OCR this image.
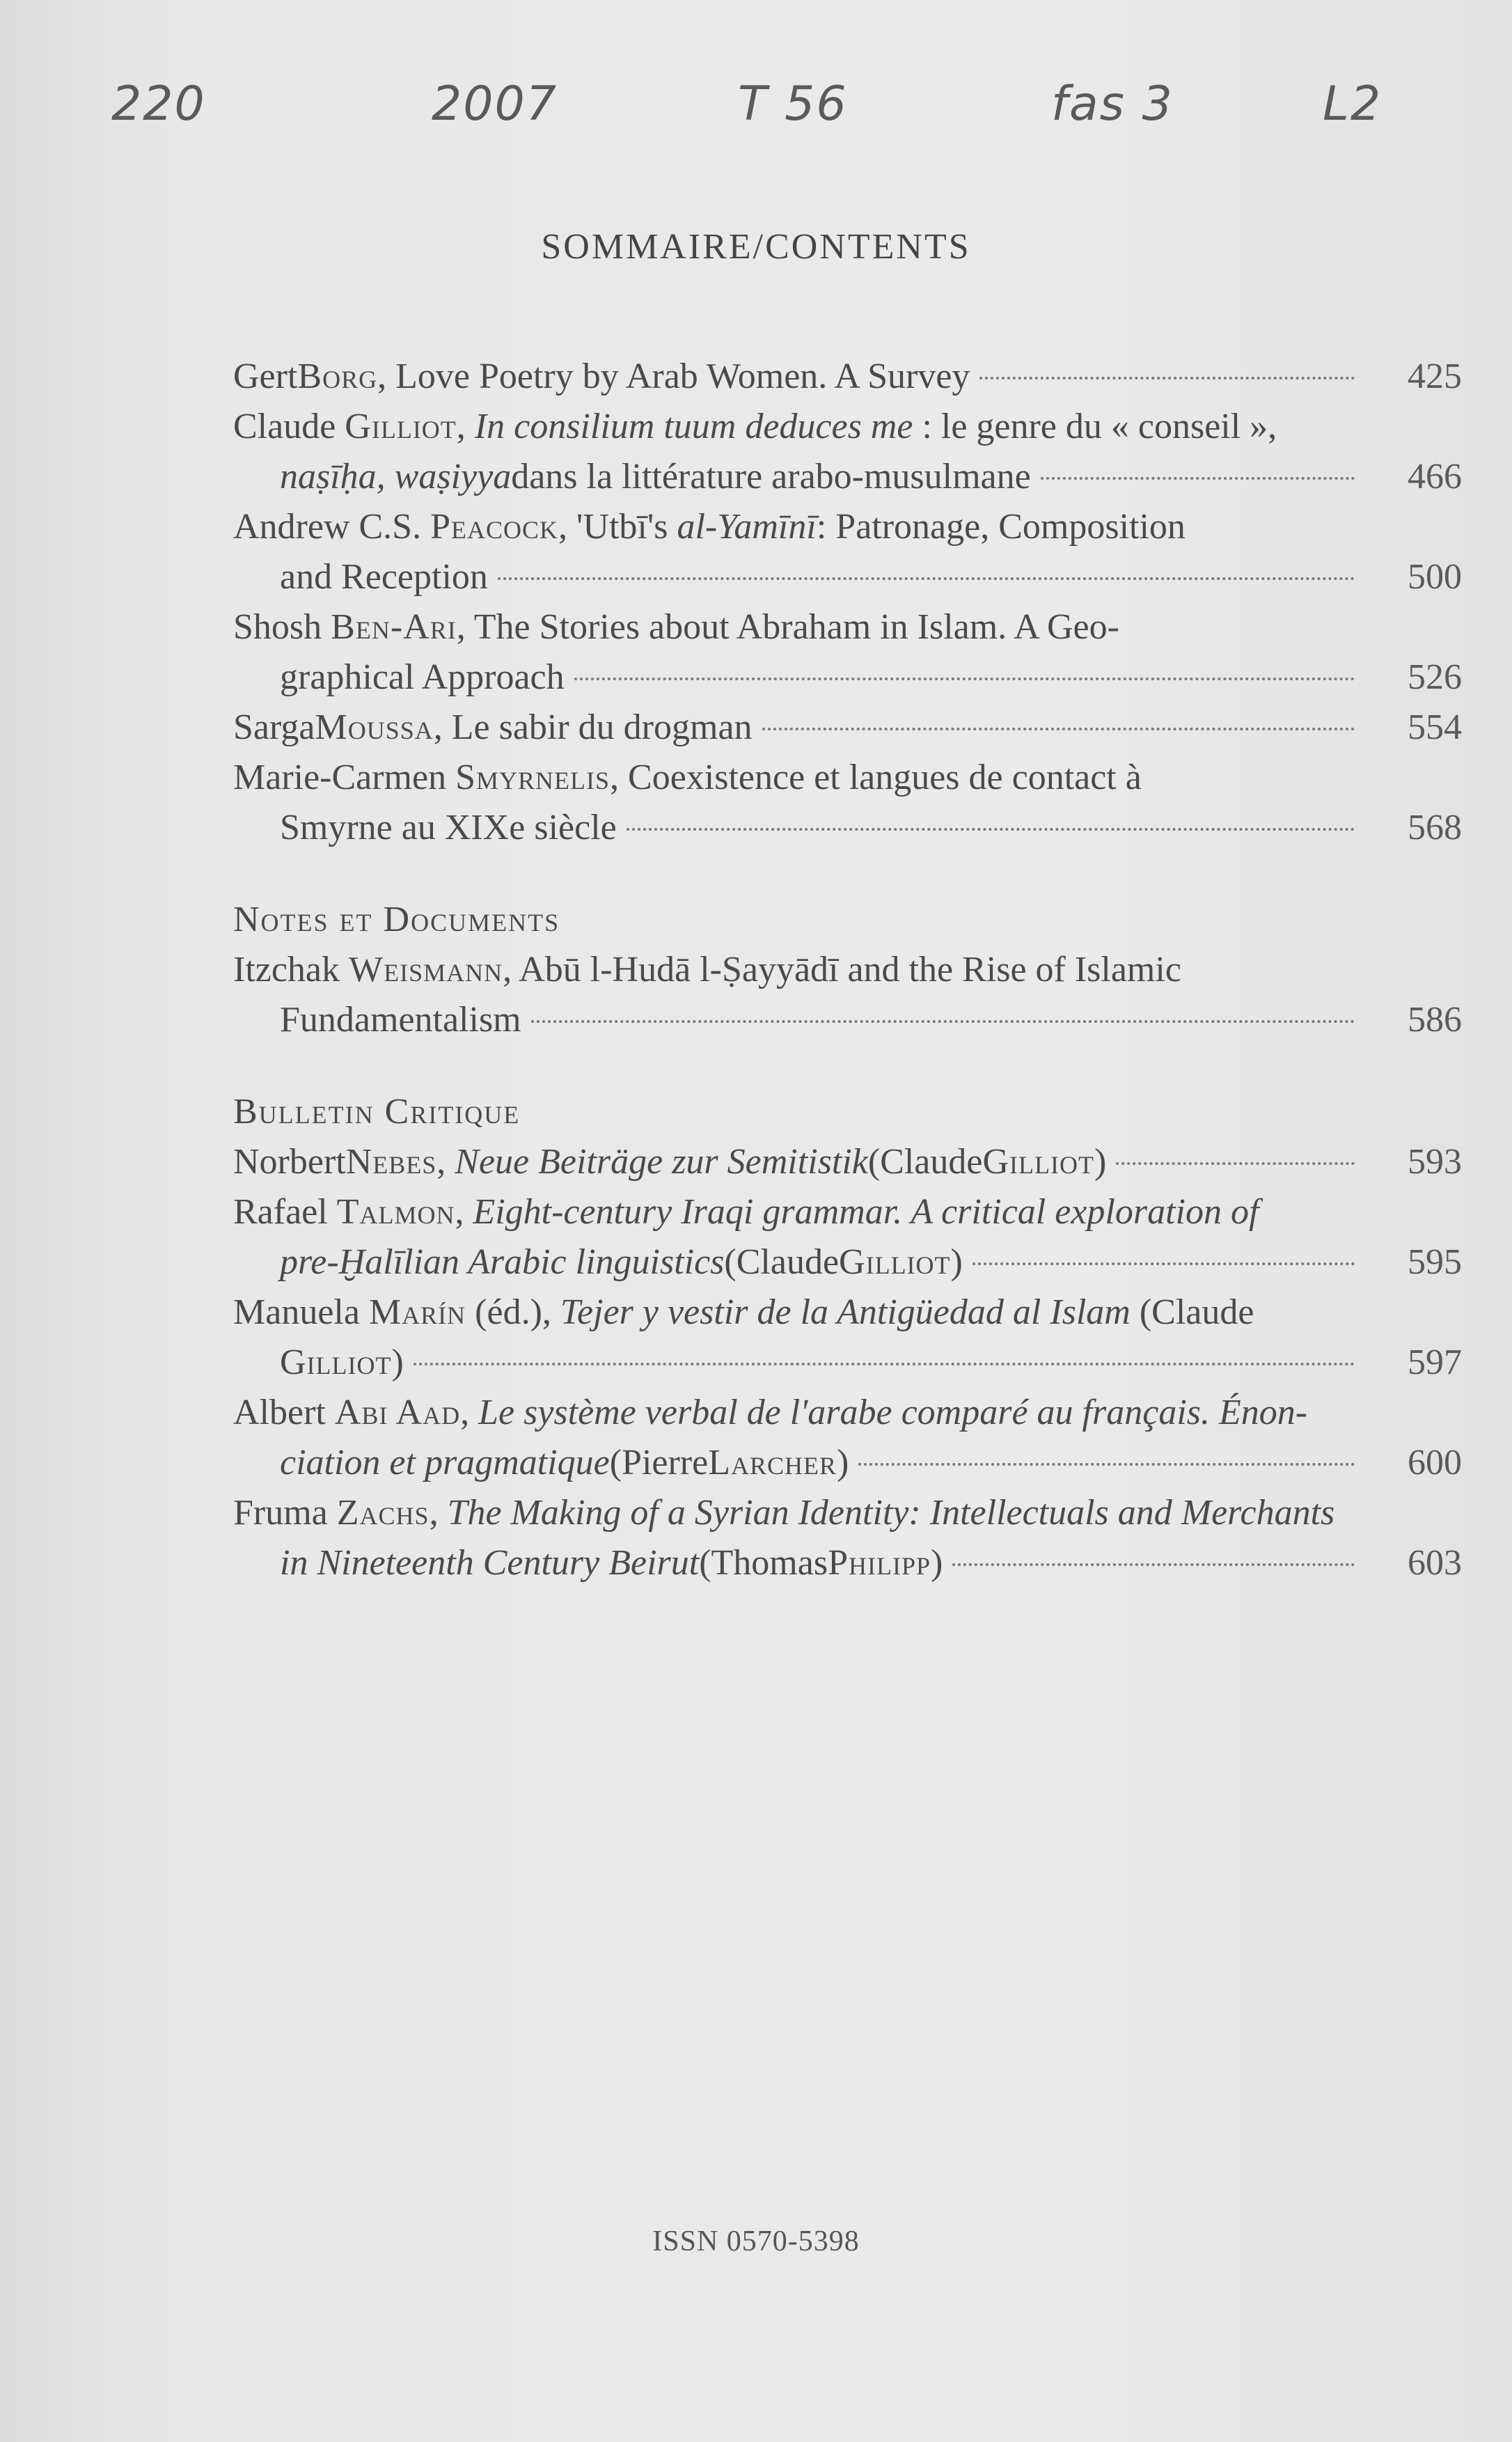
220	2007	T 56	fas 3	L2
SOMMAIRE/CONTENTS
Gert Borg , Love Poetry by Arab Women. A Survey	425
Claude Gilliot, In consilium tuum deduces me : le genre du « conseil »,
naṣīḥa, waṣiyya dans la littérature arabo-musulmane	466
Andrew C.S. Peacock, 'Utbī's al-Yamīnī: Patronage, Composition
and Reception	500
Shosh Ben-Ari, The Stories about Abraham in Islam. A Geo-
graphical Approach	526
Sarga Moussa , Le sabir du drogman	554
Marie-Carmen Smyrnelis, Coexistence et langues de contact à
Smyrne au XIXe siècle	568
Notes et Documents
Itzchak Weismann, Abū l-Hudā l-Ṣayyādī and the Rise of Islamic
Fundamentalism	586
Bulletin Critique
Norbert Nebes , Neue Beiträge zur Semitistik (Claude Gilliot )	593
Rafael Talmon, Eight-century Iraqi grammar. A critical exploration of
pre-Ḫalīlian Arabic linguistics (Claude Gilliot )	595
Manuela Marín (éd.), Tejer y vestir de la Antigüedad al Islam (Claude
Gilliot )	597
Albert Abi Aad, Le système verbal de l'arabe comparé au français. Énon-
ciation et pragmatique (Pierre Larcher )	600
Fruma Zachs, The Making of a Syrian Identity: Intellectuals and Merchants
in Nineteenth Century Beirut (Thomas Philipp )	603
ISSN 0570-5398
